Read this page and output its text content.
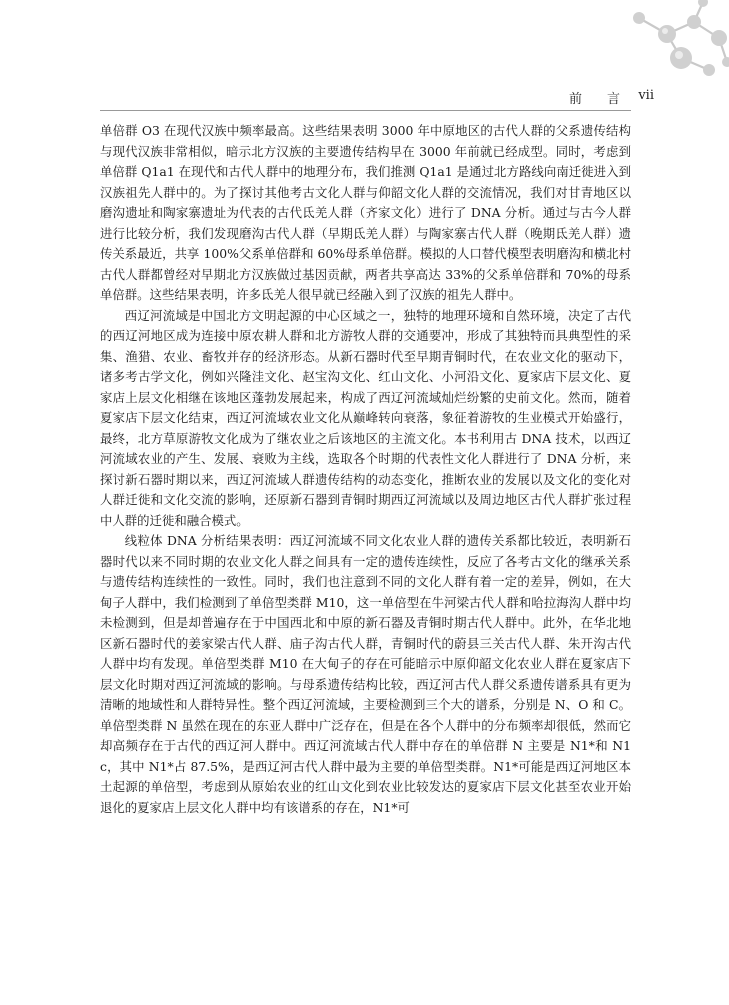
前　言 vii

单倍群 O3 在现代汉族中频率最高。这些结果表明 3000 年中原地区的古代人群的父系遗传结构与现代汉族非常相似，暗示北方汉族的主要遗传结构早在 3000 年前就已经成型。同时，考虑到单倍群 Q1a1 在现代和古代人群中的地理分布，我们推测 Q1a1 是通过北方路线向南迁徙进入到汉族祖先人群中的。为了探讨其他考古文化人群与仰韶文化人群的交流情况，我们对甘青地区以磨沟遗址和陶家寨遗址为代表的古代氐羌人群（齐家文化）进行了 DNA 分析。通过与古今人群进行比较分析，我们发现磨沟古代人群（早期氐羌人群）与陶家寨古代人群（晚期氐羌人群）遗传关系最近，共享 100%父系单倍群和 60%母系单倍群。模拟的人口替代模型表明磨沟和横北村古代人群都曾经对早期北方汉族做过基因贡献，两者共享高达 33%的父系单倍群和 70%的母系单倍群。这些结果表明，许多氐羌人很早就已经融入到了汉族的祖先人群中。

西辽河流域是中国北方文明起源的中心区域之一，独特的地理环境和自然环境，决定了古代的西辽河地区成为连接中原农耕人群和北方游牧人群的交通要冲，形成了其独特而具典型性的采集、渔猎、农业、畜牧并存的经济形态。从新石器时代至早期青铜时代，在农业文化的驱动下，诸多考古学文化，例如兴隆洼文化、赵宝沟文化、红山文化、小河沿文化、夏家店下层文化、夏家店上层文化相继在该地区蓬勃发展起来，构成了西辽河流域灿烂纷繁的史前文化。然而，随着夏家店下层文化结束，西辽河流域农业文化从巅峰转向衰落，象征着游牧的生业模式开始盛行，最终，北方草原游牧文化成为了继农业之后该地区的主流文化。本书利用古 DNA 技术，以西辽河流域农业的产生、发展、衰败为主线，选取各个时期的代表性文化人群进行了 DNA 分析，来探讨新石器时期以来，西辽河流域人群遗传结构的动态变化，推断农业的发展以及文化的变化对人群迁徙和文化交流的影响，还原新石器到青铜时期西辽河流域以及周边地区古代人群扩张过程中人群的迁徙和融合模式。

线粒体 DNA 分析结果表明：西辽河流域不同文化农业人群的遗传关系都比较近，表明新石器时代以来不同时期的农业文化人群之间具有一定的遗传连续性，反应了各考古文化的继承关系与遗传结构连续性的一致性。同时，我们也注意到不同的文化人群有着一定的差异，例如，在大甸子人群中，我们检测到了单倍型类群 M10，这一单倍型在牛河梁古代人群和哈拉海沟人群中均未检测到，但是却普遍存在于中国西北和中原的新石器及青铜时期古代人群中。此外，在华北地区新石器时代的姜家梁古代人群、庙子沟古代人群，青铜时代的蔚县三关古代人群、朱开沟古代人群中均有发现。单倍型类群 M10 在大甸子的存在可能暗示中原仰韶文化农业人群在夏家店下层文化时期对西辽河流域的影响。与母系遗传结构比较，西辽河古代人群父系遗传谱系具有更为清晰的地域性和人群特异性。整个西辽河流域，主要检测到三个大的谱系，分别是 N、O 和 C。单倍型类群 N 虽然在现在的东亚人群中广泛存在，但是在各个人群中的分布频率却很低，然而它却高频存在于古代的西辽河人群中。西辽河流域古代人群中存在的单倍群 N 主要是 N1*和 N1c，其中 N1*占 87.5%，是西辽河古代人群中最为主要的单倍型类群。N1*可能是西辽河地区本土起源的单倍型，考虑到从原始农业的红山文化到农业比较发达的夏家店下层文化甚至农业开始退化的夏家店上层文化人群中均有该谱系的存在，N1*可
